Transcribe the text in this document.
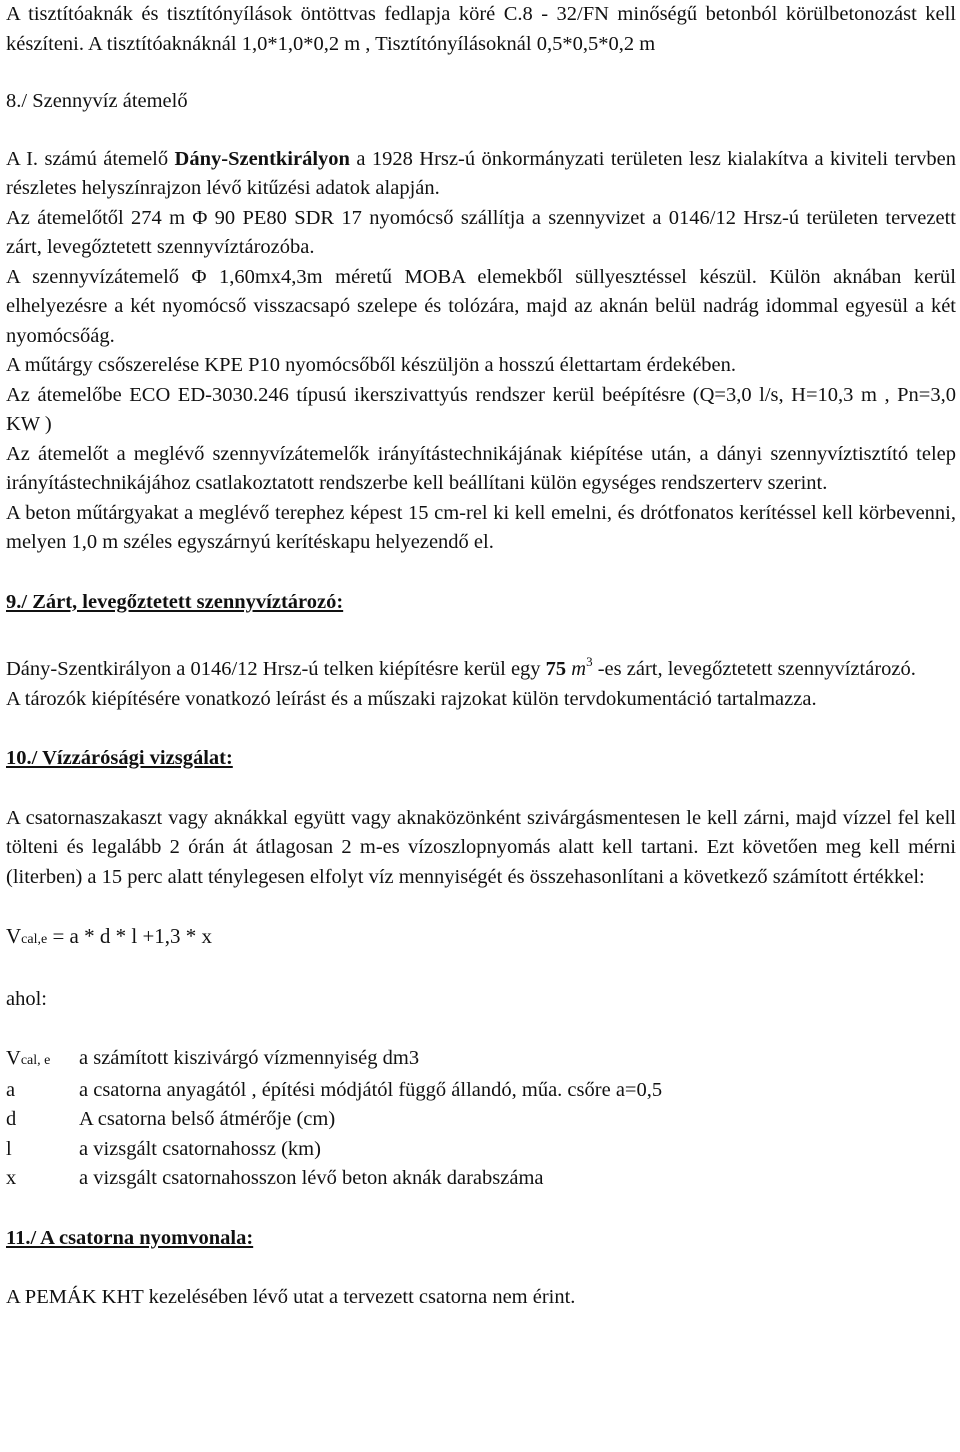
A tisztítóaknák és tisztítónyílások öntöttvas fedlapja köré C.8 - 32/FN minőségű betonból körülbetonozást kell készíteni. A tisztítóaknáknál 1,0*1,0*0,2 m , Tisztítónyílásoknál 0,5*0,5*0,2 m

8./ Szennyvíz átemelő

A I. számú átemelő Dány-Szentkirályon a 1928 Hrsz-ú önkormányzati területen lesz kialakítva a kiviteli tervben részletes helyszínrajzon lévő kitűzési adatok alapján.

Az átemelőtől 274 m Φ 90 PE80 SDR 17 nyomócső szállítja a szennyvizet a 0146/12 Hrsz-ú területen tervezett zárt, levegőztetett szennyvíztározóba.

A szennyvízátemelő Φ 1,60mx4,3m méretű MOBA elemekből süllyesztéssel készül. Külön aknában kerül elhelyezésre a két nyomócső visszacsapó szelepe és tolózára, majd az aknán belül nadrág idommal egyesül a két nyomócsőág.

A műtárgy csőszerelése KPE P10 nyomócsőből készüljön a hosszú élettartam érdekében.

Az átemelőbe ECO ED-3030.246 típusú ikerszivattyús rendszer kerül beépítésre (Q=3,0 l/s, H=10,3 m , Pn=3,0 KW )

Az átemelőt a meglévő szennyvízátemelők irányítástechnikájának kiépítése után, a dányi szennyvíztisztító telep irányítástechnikájához csatlakoztatott rendszerbe kell beállítani külön egységes rendszerterv szerint.

A beton műtárgyakat a meglévő terephez képest 15 cm-rel ki kell emelni, és drótfonatos kerítéssel kell körbevenni, melyen 1,0 m széles egyszárnyú kerítéskapu helyezendő el.

9./ Zárt, levegőztetett szennyvíztározó:

Dány-Szentkirályon a 0146/12 Hrsz-ú telken kiépítésre kerül egy 75 $m^3$ -es zárt, levegőztetett szennyvíztározó.

A tározók kiépítésére vonatkozó leírást és a műszaki rajzokat külön tervdokumentáció tartalmazza.

10./ Vízzárósági vizsgálat:

A csatornaszakaszt vagy aknákkal együtt vagy aknaközönként szivárgásmentesen le kell zárni, majd vízzel fel kell tölteni és legalább 2 órán át átlagosan 2 m-es vízoszlopnyomás alatt kell tartani. Ezt követően meg kell mérni (literben) a 15 perc alatt ténylegesen elfolyt víz mennyiségét és összehasonlítani a következő számított értékkel:

Vcal,e = a * d * l +1,3 * x

ahol:

Vcal, e	a számított kiszivárgó vízmennyiség dm3
a	a csatorna anyagától , építési módjától függő állandó, műa. csőre a=0,5
d	A csatorna belső átmérője (cm)
l	a vizsgált csatornahossz (km)
x	a vizsgált csatornahosszon lévő beton aknák darabszáma

11./ A csatorna nyomvonala:

A PEMÁK KHT kezelésében lévő utat a tervezett csatorna nem érint.
